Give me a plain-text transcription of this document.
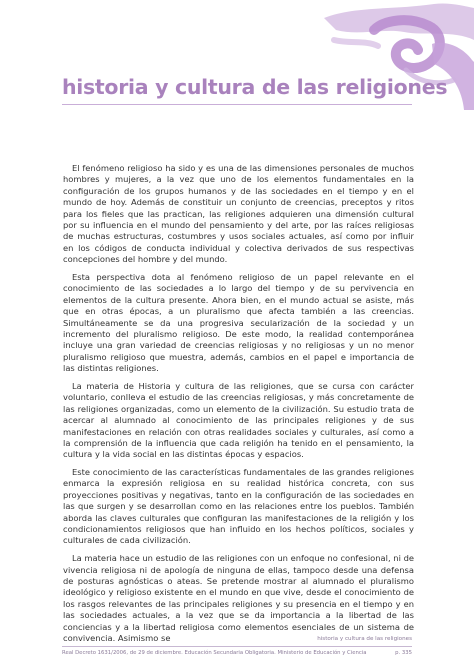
historia y cultura de las religiones

El fenómeno religioso ha sido y es una de las dimensiones personales de muchos hombres y mujeres, a la vez que uno de los elementos fundamentales en la configuración de los grupos humanos y de las sociedades en el tiempo y en el mundo de hoy. Además de constituir un conjunto de creencias, preceptos y ritos para los fieles que las practican, las religiones adquieren una dimensión cultural por su influencia en el mundo del pensamiento y del arte, por las raíces religiosas de muchas estructuras, costumbres y usos sociales actuales, así como por influir en los códigos de conducta individual y colectiva derivados de sus respectivas concepciones del hombre y del mundo.

Esta perspectiva dota al fenómeno religioso de un papel relevante en el conocimiento de las sociedades a lo largo del tiempo y de su pervivencia en elementos de la cultura presente. Ahora bien, en el mundo actual se asiste, más que en otras épocas, a un pluralismo que afecta también a las creencias. Simultáneamente se da una progresiva secularización de la sociedad y un incremento del pluralismo religioso. De este modo, la realidad contemporánea incluye una gran variedad de creencias religiosas y no religiosas y un no menor pluralismo religioso que muestra, además, cambios en el papel e importancia de las distintas religiones.

La materia de Historia y cultura de las religiones, que se cursa con carácter voluntario, conlleva el estudio de las creencias religiosas, y más concretamente de las religiones organizadas, como un elemento de la civilización. Su estudio trata de acercar al alumnado al conocimiento de las principales religiones y de sus manifestaciones en relación con otras realidades sociales y culturales, así como a la comprensión de la influencia que cada religión ha tenido en el pensamiento, la cultura y la vida social en las distintas épocas y espacios.

Este conocimiento de las características fundamentales de las grandes religiones enmarca la expresión religiosa en su realidad histórica concreta, con sus proyecciones positivas y negativas, tanto en la configuración de las sociedades en las que surgen y se desarrollan como en las relaciones entre los pueblos. También aborda las claves culturales que configuran las manifestaciones de la religión y los condicionamientos religiosos que han influido en los hechos políticos, sociales y culturales de cada civilización.

La materia hace un estudio de las religiones con un enfoque no confesional, ni de vivencia religiosa ni de apología de ninguna de ellas, tampoco desde una defensa de posturas agnósticas o ateas. Se pretende mostrar al alumnado el pluralismo ideológico y religioso existente en el mundo en que vive, desde el conocimiento de los rasgos relevantes de las principales religiones y su presencia en el tiempo y en las sociedades actuales, a la vez que se da importancia a la libertad de las conciencias y a la libertad religiosa como elementos esenciales de un sistema de convivencia. Asimismo se	historia y cultura de las religiones
Real Decreto 1631/2006, de 29 de diciembre. Educación Secundaria Obligatoria. Ministerio de Educación y Ciencia	p. 335
